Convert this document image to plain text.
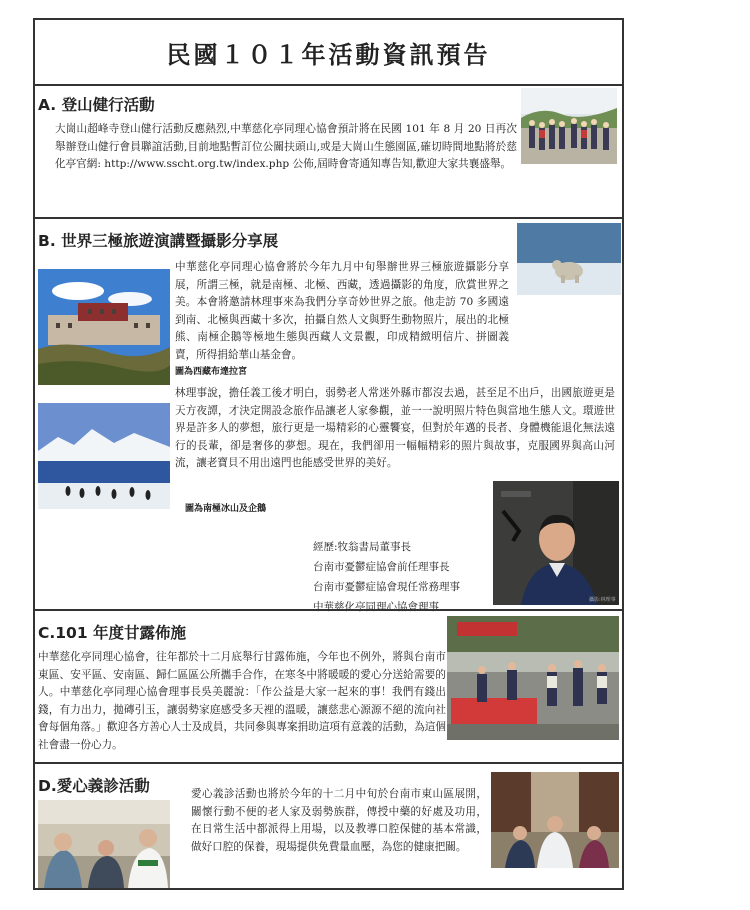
民國１０１年活動資訊預告
A. 登山健行活動

大崗山超峰寺登山健行活動反應熱烈,中華慈化亭同理心協會預計將在民國 101 年 8 月 20 日再次舉辦登山健行會員聯誼活動,目前地點暫訂位公關扶頭山,或是大崗山生態園區,確切時間地點將於慈化亭官網: http://www.sscht.org.tw/index.php 公佈,屆時會寄通知專告知,歡迎大家共襄盛舉。

B. 世界三極旅遊演講暨攝影分享展

中華慈化亭同理心協會將於今年九月中旬舉辦世界三極旅遊攝影分享展，所謂三極，就是南極、北極、西藏，透過攝影的角度，欣賞世界之美。本會將邀請林理事來為我們分享奇妙世界之旅。他走訪 70 多國遠到南、北極與西藏十多次，拍攝自然人文與野生動物照片，展出的北極熊、南極企鵝等極地生態與西藏人文景觀，印成精緻明信片、拼圖義賣，所得捐給華山基金會。

圖為西藏布達拉宮

林理事說，擔任義工後才明白，弱勢老人常迷外縣市都沒去過，甚至足不出戶，出國旅遊更是天方夜譚，才決定開設念旅作品讓老人家參觀，並一一說明照片特色與當地生態人文。環遊世界是許多人的夢想，旅行更是一場精彩的心靈饗宴，但對於年邁的長者、身體機能退化無法遠行的長輩，卻是奢侈的夢想。現在，我們卻用一幅幅精彩的照片與故事，克服國界與高山河流，讓老寶貝不用出遠門也能感受世界的美好。

圖為南極冰山及企鵝
攝影:林理事
經歷:牧翁書局董事長
台南市憂鬱症協會前任理事長
台南市憂鬱症協會現任常務理事
中華慈化亭同理心協會理事
C.101 年度甘露佈施

中華慈化亭同理心協會，往年都於十二月底舉行甘露佈施，今年也不例外，將與台南市東區、安平區、安南區、歸仁區區公所攜手合作，在寒冬中將暖暖的愛心分送給需要的人。中華慈化亭同理心協會理事長吳美麗說：「作公益是大家一起來的事！我們有錢出錢，有力出力，拋磚引玉，讓弱勢家庭感受多天裡的溫暖，讓慈悲心源源不絕的流向社會每個角落。」歡迎各方善心人士及成員，共同參與專案捐助這項有意義的活動，為這個社會盡一份心力。

D.愛心義診活動	愛心義診活動也將於今年的十二月中旬於台南市東山區展開，關懷行動不便的老人家及弱勢族群，傳授中藥的好處及功用，在日常生活中都派得上用場，以及教導口腔保健的基本常識，做好口腔的保養，現場提供免費量血壓，為您的健康把關。
